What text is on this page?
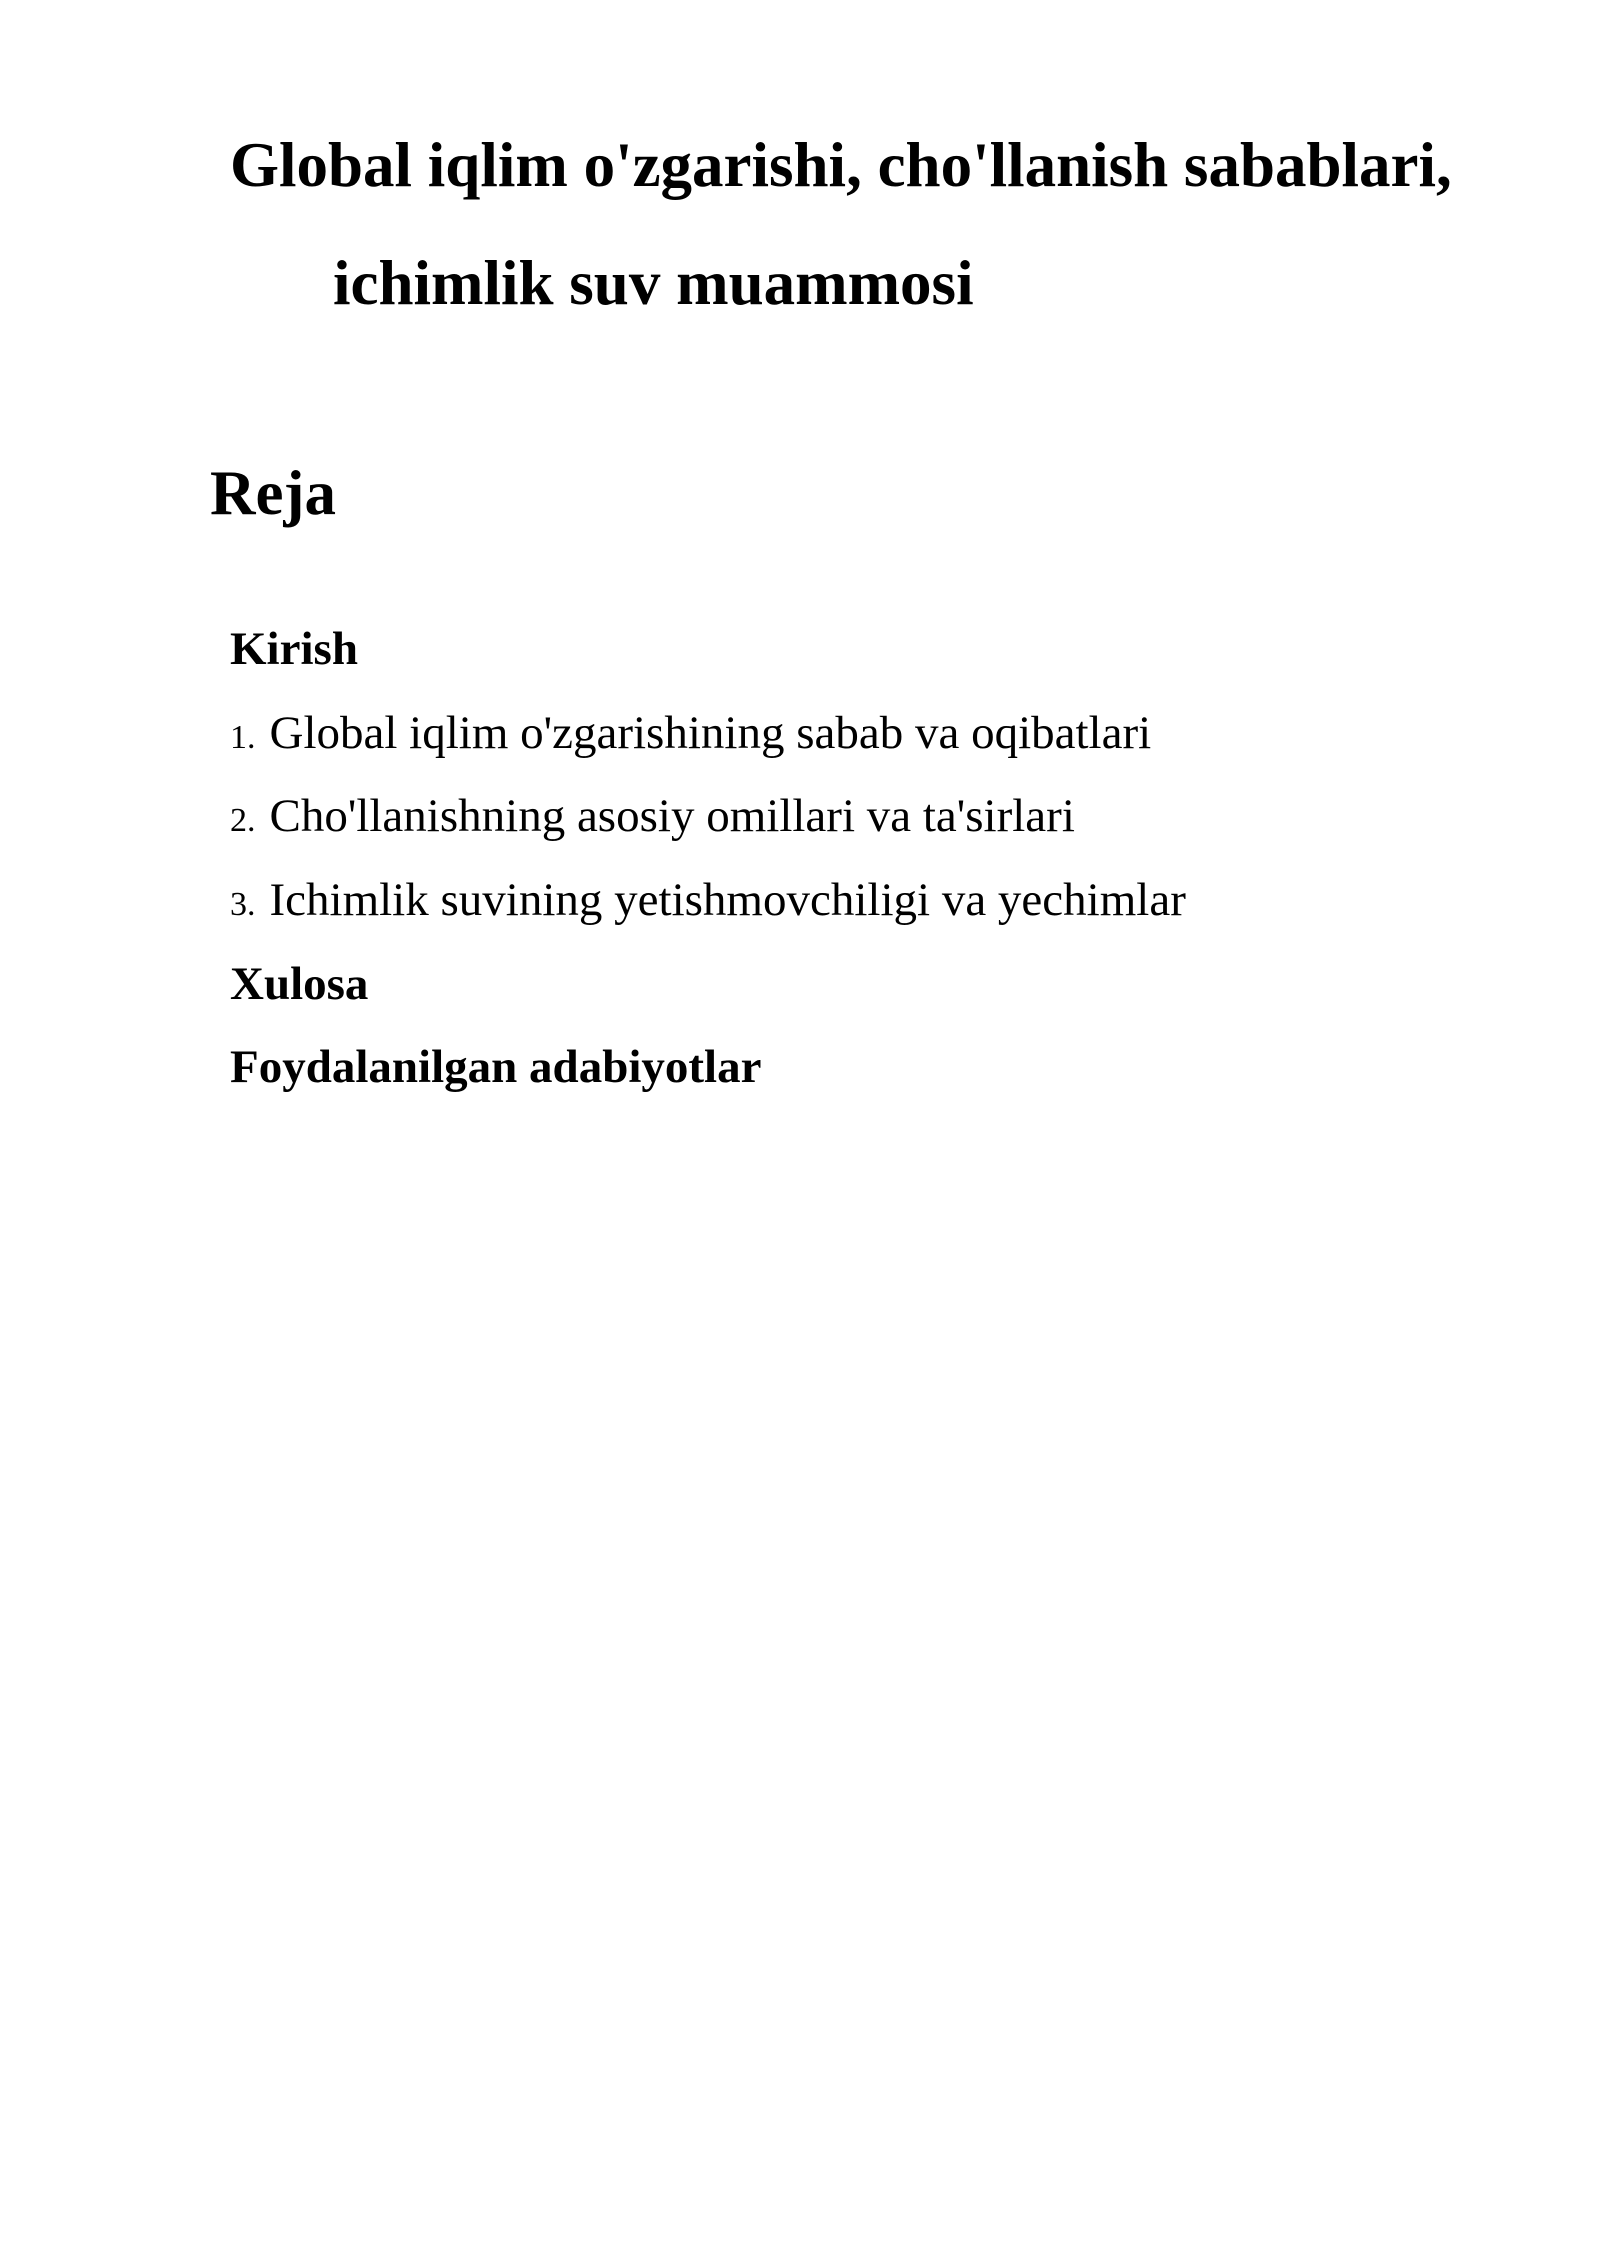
Global iqlim o'zgarishi, cho'llanish sabablari,
ichimlik suv muammosi
Reja
Kirish
1. Global iqlim o'zgarishining sabab va oqibatlari
2. Cho'llanishning asosiy omillari va ta'sirlari
3. Ichimlik suvining yetishmovchiligi va yechimlar
Xulosa
Foydalanilgan adabiyotlar
